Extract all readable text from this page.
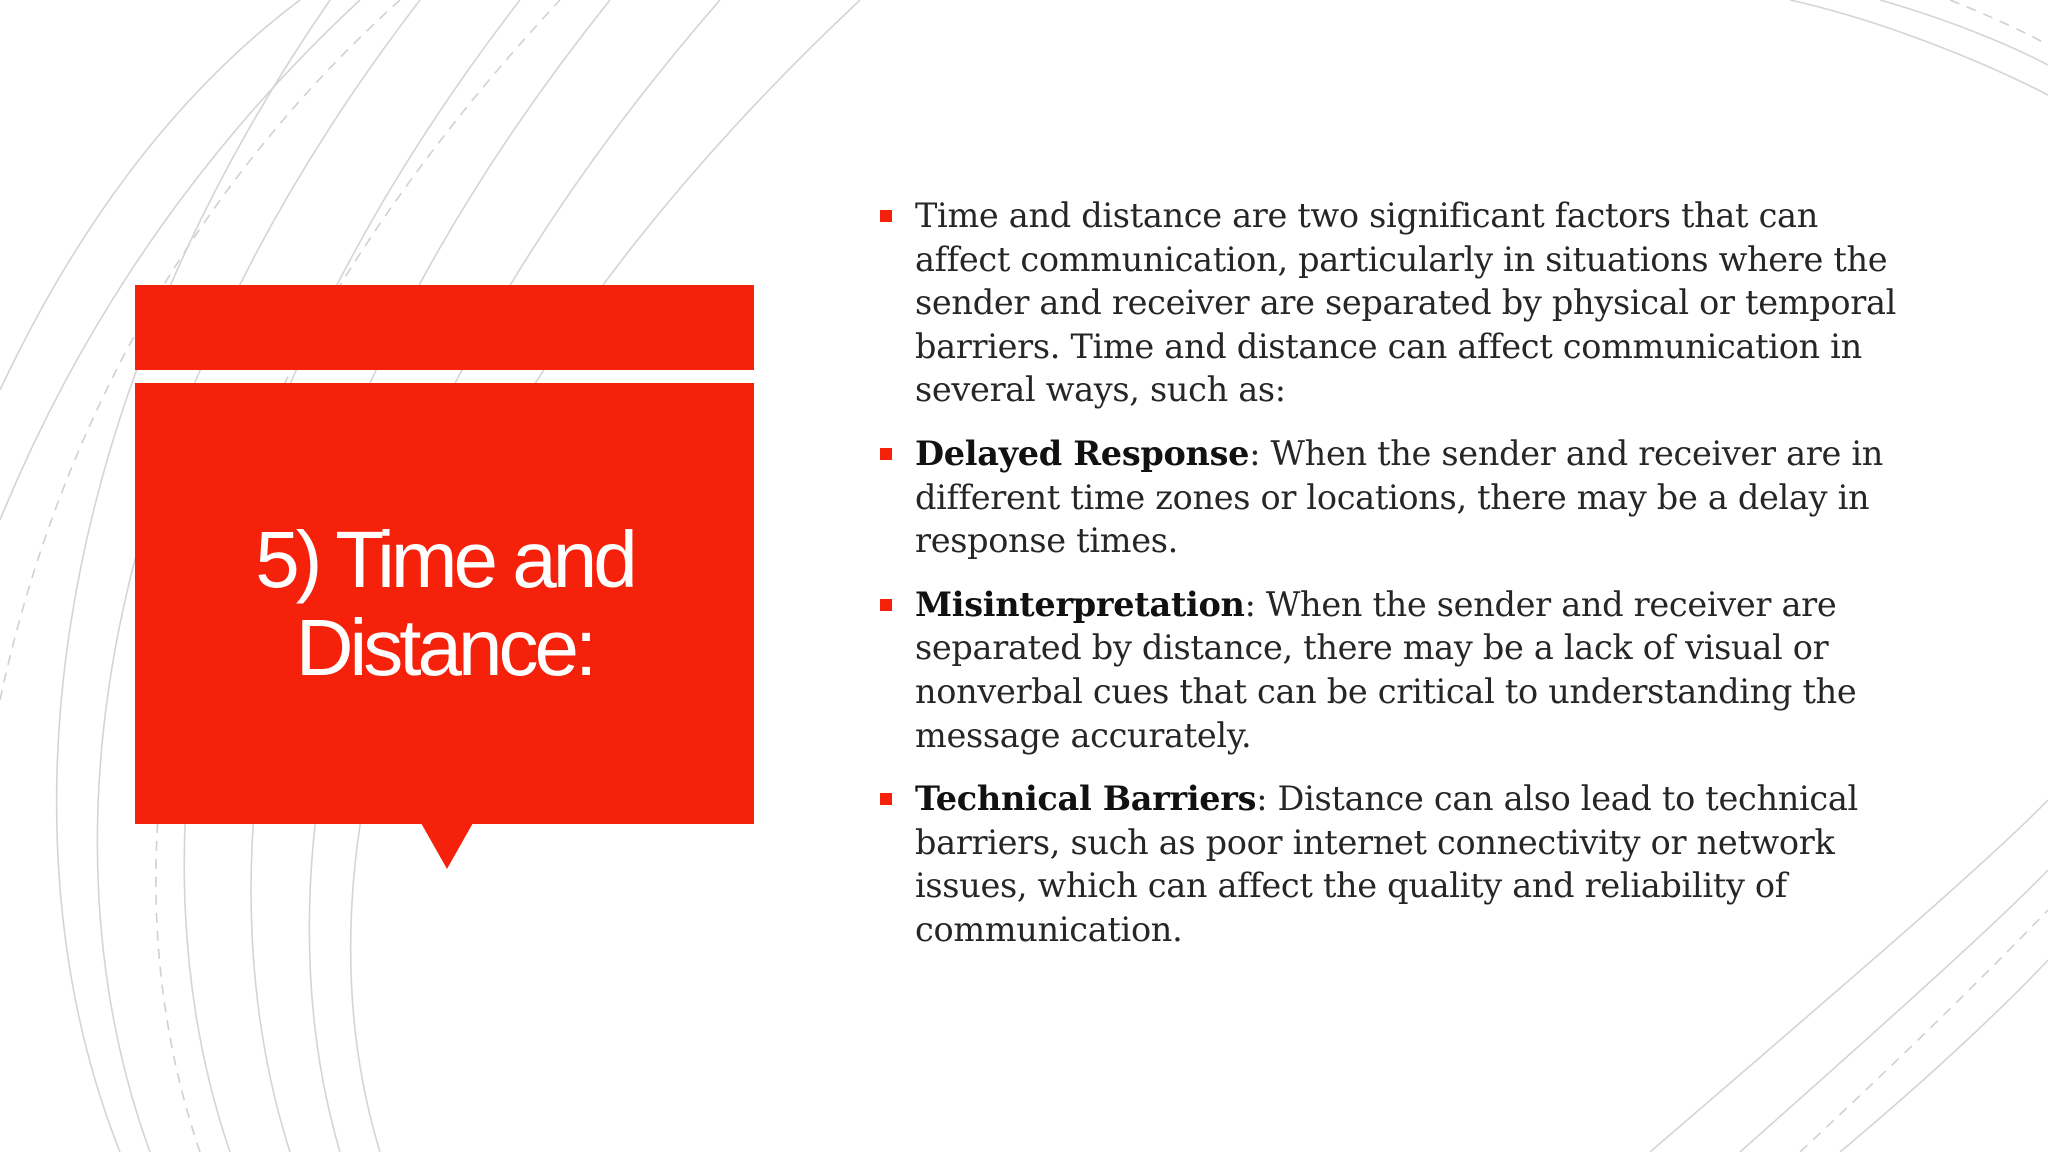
5) Time and Distance:
Time and distance are two significant factors that can affect communication, particularly in situations where the sender and receiver are separated by physical or temporal barriers. Time and distance can affect communication in several ways, such as:
Delayed Response: When the sender and receiver are in different time zones or locations, there may be a delay in response times.
Misinterpretation: When the sender and receiver are separated by distance, there may be a lack of visual or nonverbal cues that can be critical to understanding the message accurately.
Technical Barriers: Distance can also lead to technical barriers, such as poor internet connectivity or network issues, which can affect the quality and reliability of communication.
